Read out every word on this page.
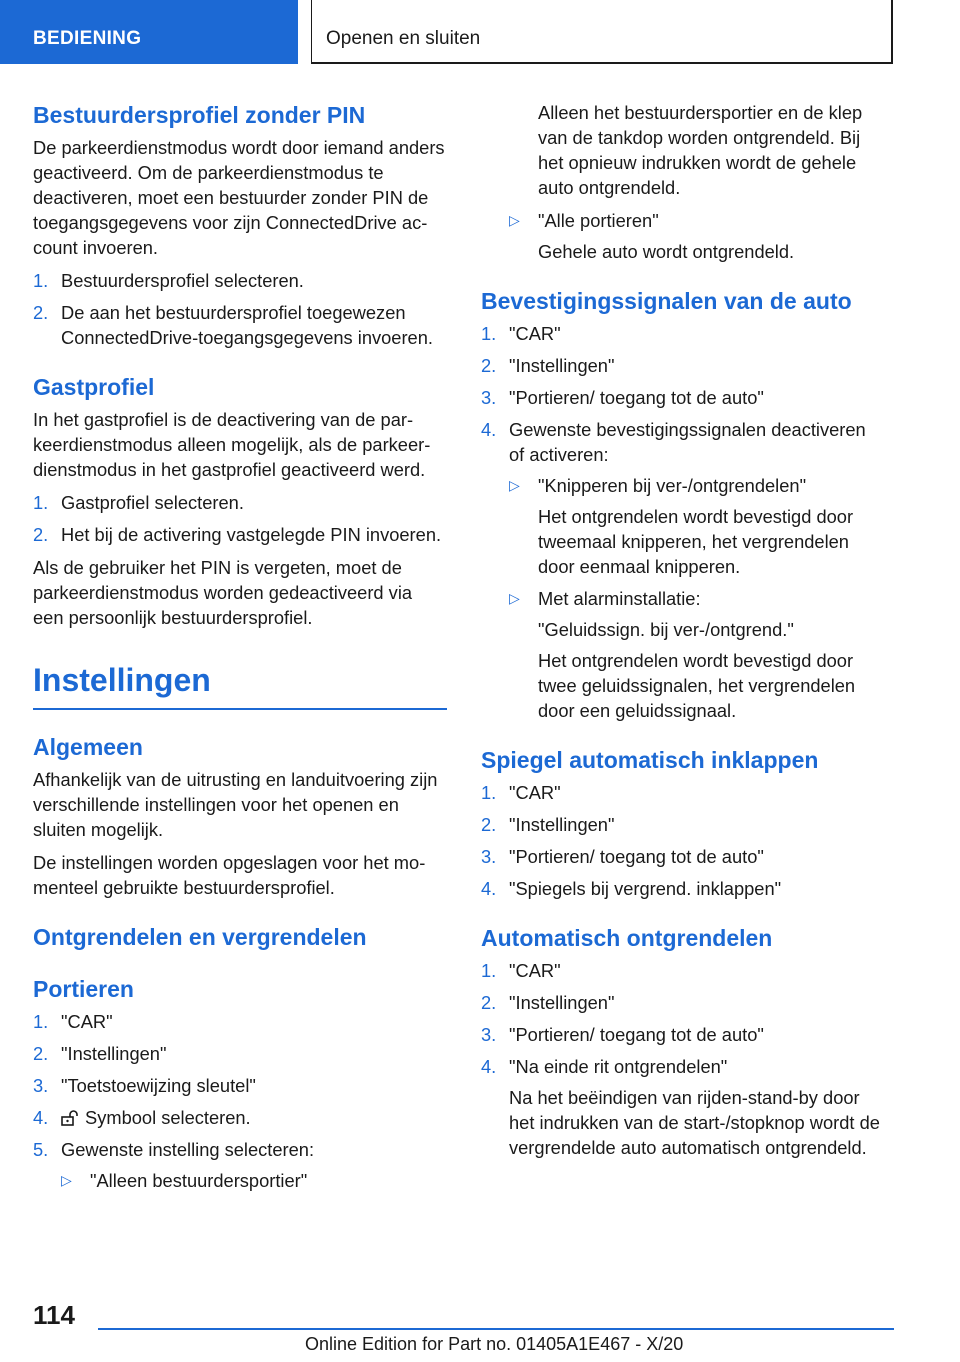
BEDIENING	Openen en sluiten
Bestuurdersprofiel zonder PIN

De parkeerdienstmodus wordt door iemand anders geactiveerd. Om de parkeerdienstmodus te deactiveren, moet een bestuurder zonder PIN de toegangsgegevens voor zijn ConnectedDrive account invoeren.

1. Bestuurdersprofiel selecteren.
2. De aan het bestuurdersprofiel toegewezen ConnectedDrive-toegangsgegevens invoeren.
Gastprofiel

In het gastprofiel is de deactivering van de parkeerdienstmodus alleen mogelijk, als de parkeerdienstmodus in het gastprofiel geactiveerd werd.

1. Gastprofiel selecteren.
2. Het bij de activering vastgelegde PIN invoeren.

Als de gebruiker het PIN is vergeten, moet de parkeerdienstmodus worden gedeactiveerd via een persoonlijk bestuurdersprofiel.

Instellingen
Algemeen

Afhankelijk van de uitrusting en landuitvoering zijn verschillende instellingen voor het openen en sluiten mogelijk.

De instellingen worden opgeslagen voor het momenteel gebruikte bestuurdersprofiel.

Ontgrendelen en vergrendelen
Portieren
1. "CAR"
2. "Instellingen"
3. "Toetstoewijzing sleutel"
4. Symbool selecteren.
5. Gewenste instelling selecteren:
▷ "Alleen bestuurdersportier"

Alleen het bestuurdersportier en de klep van de tankdop worden ontgrendeld. Bij het opnieuw indrukken wordt de gehele auto ontgrendeld.

▷ "Alle portieren"

Gehele auto wordt ontgrendeld.

Bevestigingssignalen van de auto
1. "CAR"
2. "Instellingen"
3. "Portieren/ toegang tot de auto"
4. Gewenste bevestigingssignalen deactiveren of activeren:
▷ "Knipperen bij ver-/ontgrendelen"

Het ontgrendelen wordt bevestigd door tweemaal knipperen, het vergrendelen door eenmaal knipperen.

▷ Met alarminstallatie:

"Geluidssign. bij ver-/ontgrend."

Het ontgrendelen wordt bevestigd door twee geluidssignalen, het vergrendelen door een geluidssignaal.

Spiegel automatisch inklappen
1. "CAR"
2. "Instellingen"
3. "Portieren/ toegang tot de auto"
4. "Spiegels bij vergrend. inklappen"
Automatisch ontgrendelen
1. "CAR"
2. "Instellingen"
3. "Portieren/ toegang tot de auto"
4. "Na einde rit ontgrendelen"

Na het beëindigen van rijden-stand-by door het indrukken van de start-/stopknop wordt de vergrendelde auto automatisch ontgrendeld.

114
Online Edition for Part no. 01405A1E467 - X/20
